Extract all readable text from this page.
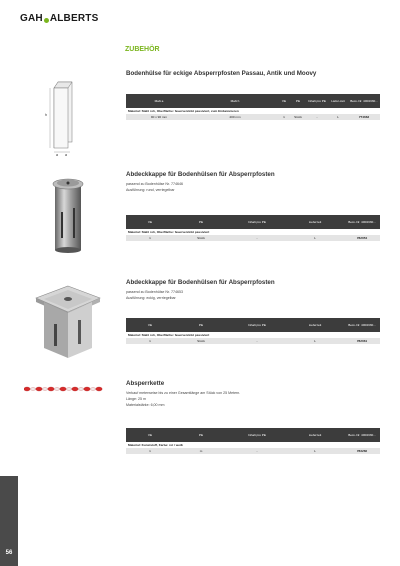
GAH ALBERTS
ZUBEHÖR
h
a a
Bodenhülse für eckige Absperrpfosten Passau, Antik und Moovy
Maß a	Maß h	VE	PE	Inhalt pro PE	Liefer-zeit	Best.-Nr. 4004330...
Material: Stahl roh, Oberfläche: feuerverzinkt passiviert, zum Einbetonieren						
90 x 90 mm	400 mm	1	Stück	-	L	774663
Abdeckkappe für Bodenhülsen für Absperrpfosten
passend zu Bodenhülse Nr. 774646
Ausführung: rund, verriegelbar
VE	PE	Inhalt pro PE	Lieferzeit	Best.-Nr. 4004330...
Material: Stahl roh, Oberfläche: feuerverzinkt passiviert				
1	Stück	-	L	782054
Abdeckkappe für Bodenhülsen für Absperrpfosten
passend zu Bodenhülse Nr. 774653
Ausführung: eckig, verriegelbar
VE	PE	Inhalt pro PE	Lieferzeit	Best.-Nr. 4004330...
Material: Stahl roh, Oberfläche: feuerverzinkt passiviert				
1	Stück	-	L	782061
Absperrkette
Verkauf meterweise bis zu einer Gesamtlänge am Stück von 25 Metern.
Länge: 25 m
Materialstärke: 6,00 mm
VE	PE	Inhalt pro PE	Lieferzeit	Best.-Nr. 4004330...
Material: Kunststoff, Farbe: rot / weiß				
1	m	-	L	783266
56
